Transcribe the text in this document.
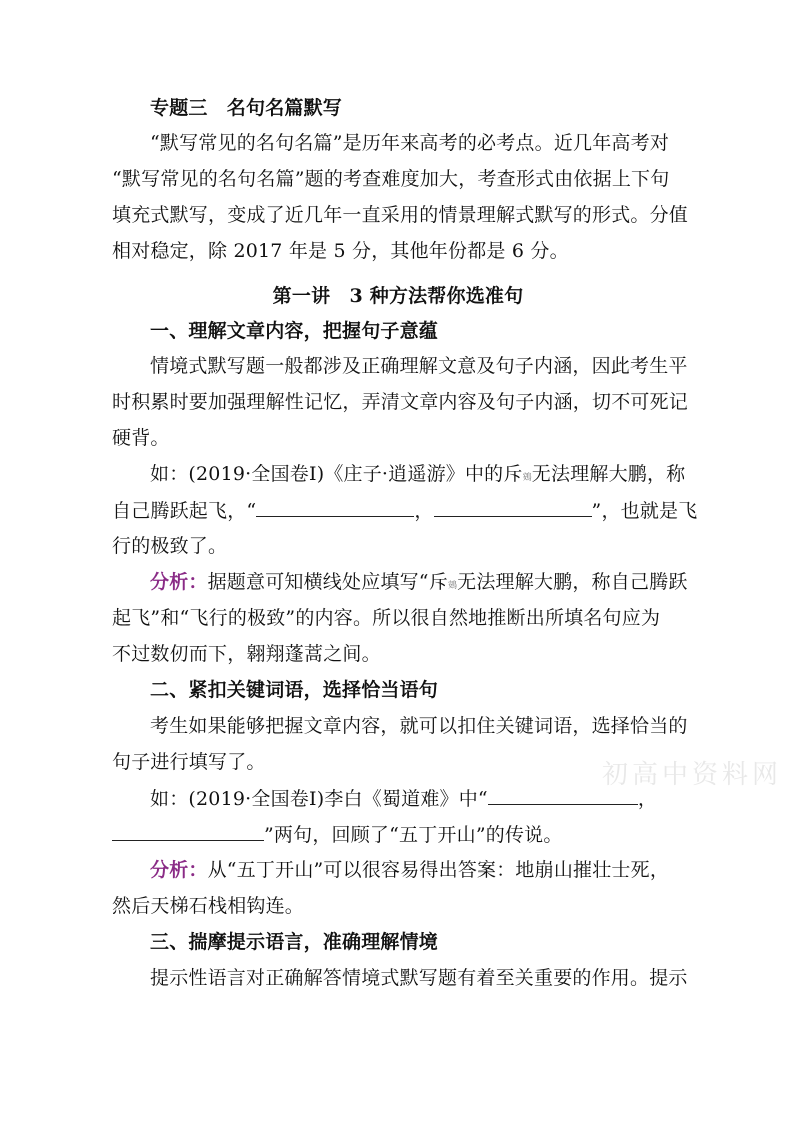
专题三　名句名篇默写
“默写常见的名句名篇”是历年来高考的必考点。近几年高考对
“默写常见的名句名篇”题的考查难度加大，考查形式由依据上下句
填充式默写，变成了近几年一直采用的情景理解式默写的形式。分值
相对稳定，除 2017 年是 5 分，其他年份都是 6 分。
第一讲　3 种方法帮你选准句
一、理解文章内容，把握句子意蕴
情境式默写题一般都涉及正确理解文意及句子内涵，因此考生平
时积累时要加强理解性记忆，弄清文章内容及句子内涵，切不可死记
硬背。
如：(2019·全国卷Ⅰ)《庄子·逍遥游》中的斥鴳无法理解大鹏，称
自己腾跃起飞，“	，	”，也就是飞
行的极致了。
分析：据题意可知横线处应填写“斥鴳无法理解大鹏，称自己腾跃
起飞”和“飞行的极致”的内容。所以很自然地推断出所填名句应为
不过数仞而下，翱翔蓬蒿之间。
二、紧扣关键词语，选择恰当语句
考生如果能够把握文章内容，就可以扣住关键词语，选择恰当的
句子进行填写了。
如：(2019·全国卷Ⅰ)李白《蜀道难》中“	，
”两句，回顾了“五丁开山”的传说。
分析：从“五丁开山”可以很容易得出答案：地崩山摧壮士死，
然后天梯石栈相钩连。
三、揣摩提示语言，准确理解情境
提示性语言对正确解答情境式默写题有着至关重要的作用。提示
初高中资料网
